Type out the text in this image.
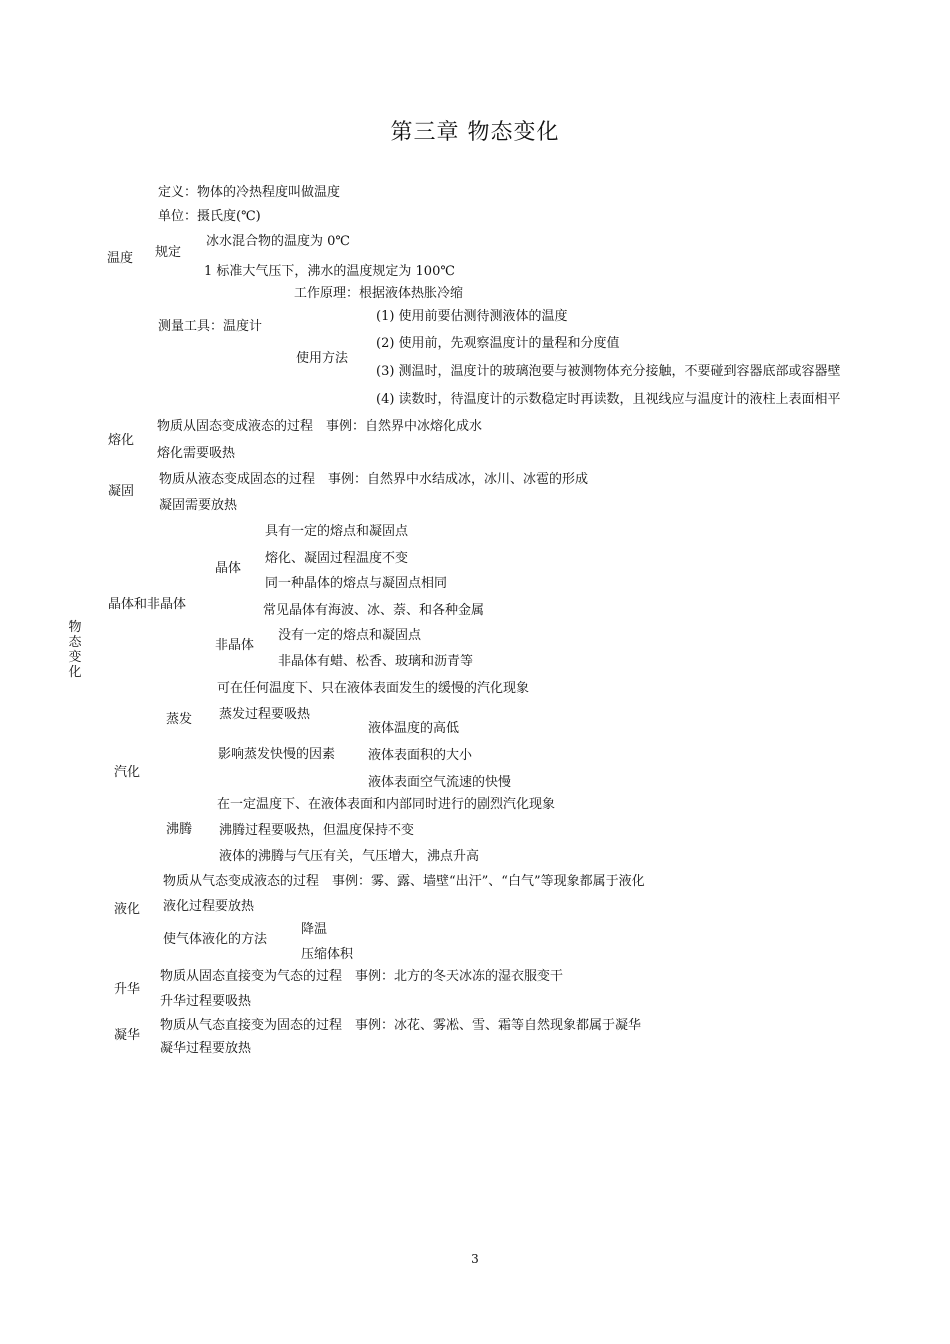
第三章 物态变化
物
态
变
化
温度
定义：物体的冷热程度叫做温度
单位：摄氏度(℃)
规定
冰水混合物的温度为 0℃
1 标准大气压下，沸水的温度规定为 100℃
工作原理：根据液体热胀冷缩
测量工具：温度计
使用方法
(1) 使用前要估测待测液体的温度
(2) 使用前，先观察温度计的量程和分度值
(3) 测温时，温度计的玻璃泡要与被测物体充分接触，不要碰到容器底部或容器壁
(4) 读数时，待温度计的示数稳定时再读数，且视线应与温度计的液柱上表面相平
熔化
物质从固态变成液态的过程　事例：自然界中冰熔化成水
熔化需要吸热
凝固
物质从液态变成固态的过程　事例：自然界中水结成冰，冰川、冰雹的形成
凝固需要放热
晶体和非晶体
晶体
具有一定的熔点和凝固点
熔化、凝固过程温度不变
同一种晶体的熔点与凝固点相同
常见晶体有海波、冰、萘、和各种金属
非晶体
没有一定的熔点和凝固点
非晶体有蜡、松香、玻璃和沥青等
汽化
蒸发
可在任何温度下、只在液体表面发生的缓慢的汽化现象
蒸发过程要吸热
影响蒸发快慢的因素
液体温度的高低
液体表面积的大小
液体表面空气流速的快慢
沸腾
在一定温度下、在液体表面和内部同时进行的剧烈汽化现象
沸腾过程要吸热，但温度保持不变
液体的沸腾与气压有关，气压增大，沸点升高
液化
物质从气态变成液态的过程　事例：雾、露、墙壁“出汗”、“白气”等现象都属于液化
液化过程要放热
使气体液化的方法
降温
压缩体积
升华
物质从固态直接变为气态的过程　事例：北方的冬天冰冻的湿衣服变干
升华过程要吸热
凝华
物质从气态直接变为固态的过程　事例：冰花、雾凇、雪、霜等自然现象都属于凝华
凝华过程要放热
3
